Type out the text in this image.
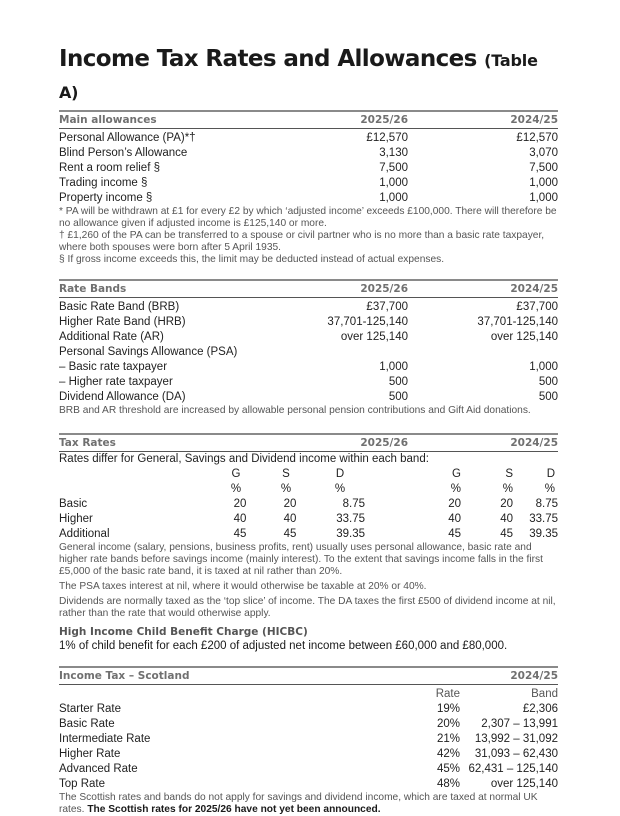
Income Tax Rates and Allowances (Table A)
Main allowances	2025/26	2024/25
Personal Allowance (PA)*†	£12,570	£12,570
Blind Person’s Allowance	3,130	3,070
Rent a room relief §	7,500	7,500
Trading income §	1,000	1,000
Property income §	1,000	1,000

* PA will be withdrawn at £1 for every £2 by which ‘adjusted income’ exceeds £100,000. There will therefore be no allowance given if adjusted income is £125,140 or more.

† £1,260 of the PA can be transferred to a spouse or civil partner who is no more than a basic rate taxpayer, where both spouses were born after 5 April 1935.

§ If gross income exceeds this, the limit may be deducted instead of actual expenses.

Rate Bands	2025/26	2024/25
Basic Rate Band (BRB)	£37,700	£37,700
Higher Rate Band (HRB)	37,701-125,140	37,701-125,140
Additional Rate (AR)	over 125,140	over 125,140
Personal Savings Allowance (PSA)
– Basic rate taxpayer	1,000	1,000
– Higher rate taxpayer	500	500
Dividend Allowance (DA)	500	500

BRB and AR threshold are increased by allowable personal pension contributions and Gift Aid donations.

Tax Rates	2025/26	2024/25
Rates differ for General, Savings and Dividend income within each band:
G	S	D	G	S	D
%	%	%	%	%	%
Basic	20	20	8.75	20	20	8.75
Higher	40	40	33.75	40	40	33.75
Additional	45	45	39.35	45	45	39.35

General income (salary, pensions, business profits, rent) usually uses personal allowance, basic rate and higher rate bands before savings income (mainly interest). To the extent that savings income falls in the first £5,000 of the basic rate band, it is taxed at nil rather than 20%.

The PSA taxes interest at nil, where it would otherwise be taxable at 20% or 40%.

Dividends are normally taxed as the ‘top slice’ of income. The DA taxes the first £500 of dividend income at nil, rather than the rate that would otherwise apply.

High Income Child Benefit Charge (HICBC)
1% of child benefit for each £200 of adjusted net income between £60,000 and £80,000.
Income Tax – Scotland	2024/25
Rate	Band
Starter Rate	19%	£2,306
Basic Rate	20%	2,307 – 13,991
Intermediate Rate	21%	13,992 – 31,092
Higher Rate	42%	31,093 – 62,430
Advanced Rate	45% 62,431 – 125,140
Top Rate	48%	over 125,140

The Scottish rates and bands do not apply for savings and dividend income, which are taxed at normal UK rates. The Scottish rates for 2025/26 have not yet been announced.
